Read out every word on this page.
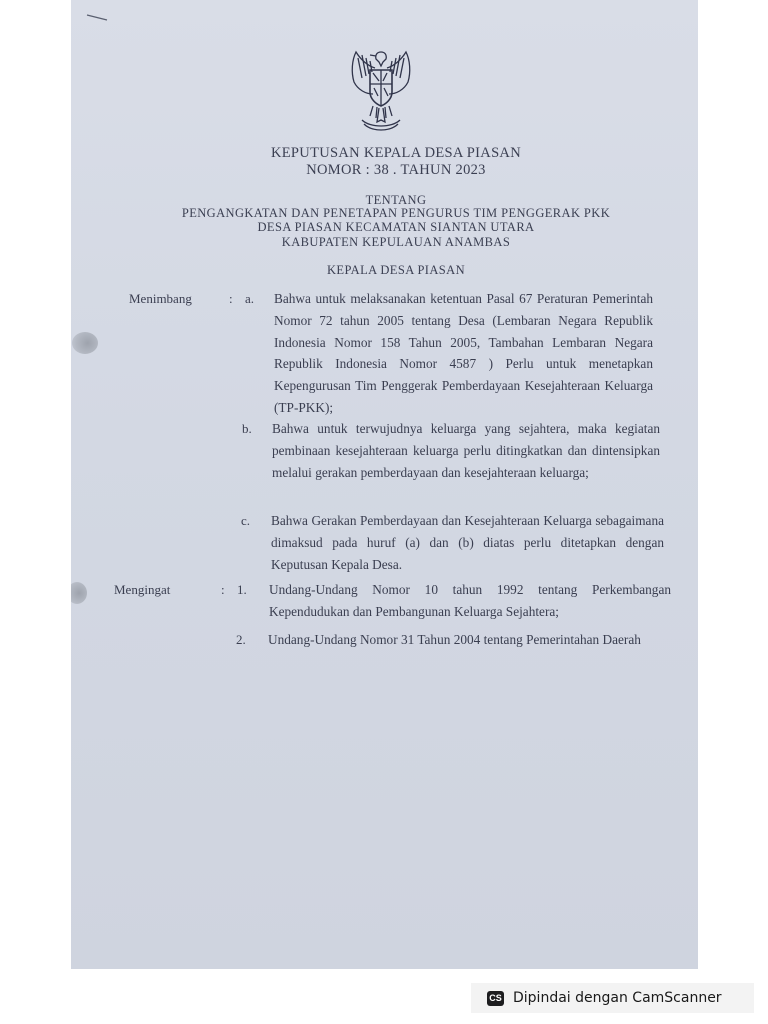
KEPUTUSAN KEPALA DESA PIASAN
NOMOR : 38 . TAHUN 2023
TENTANG
PENGANGKATAN DAN PENETAPAN PENGURUS TIM PENGGERAK PKK
DESA PIASAN KECAMATAN SIANTAN UTARA
KABUPATEN KEPULAUAN ANAMBAS
KEPALA DESA PIASAN
Menimbang	: a. Bahwa untuk melaksanakan ketentuan Pasal 67 Peraturan Pemerintah Nomor 72 tahun 2005 tentang Desa (Lembaran Negara Republik Indonesia Nomor 158 Tahun 2005, Tambahan Lembaran Negara Republik Indonesia Nomor 4587 ) Perlu untuk menetapkan Kepengurusan Tim Penggerak Pemberdayaan Kesejahteraan Keluarga (TP-PKK);
b. Bahwa untuk terwujudnya keluarga yang sejahtera, maka kegiatan pembinaan kesejahteraan keluarga perlu ditingkatkan dan dintensipkan melalui gerakan pemberdayaan dan kesejahteraan keluarga;
c. Bahwa Gerakan Pemberdayaan dan Kesejahteraan Keluarga sebagaimana dimaksud pada huruf (a) dan (b) diatas perlu ditetapkan dengan Keputusan Kepala Desa.
Mengingat	: 1. Undang-Undang Nomor 10 tahun 1992 tentang Perkembangan Kependudukan dan Pembangunan Keluarga Sejahtera;
2. Undang-Undang Nomor 31 Tahun 2004 tentang Pemerintahan Daerah
CS Dipindai dengan CamScanner
